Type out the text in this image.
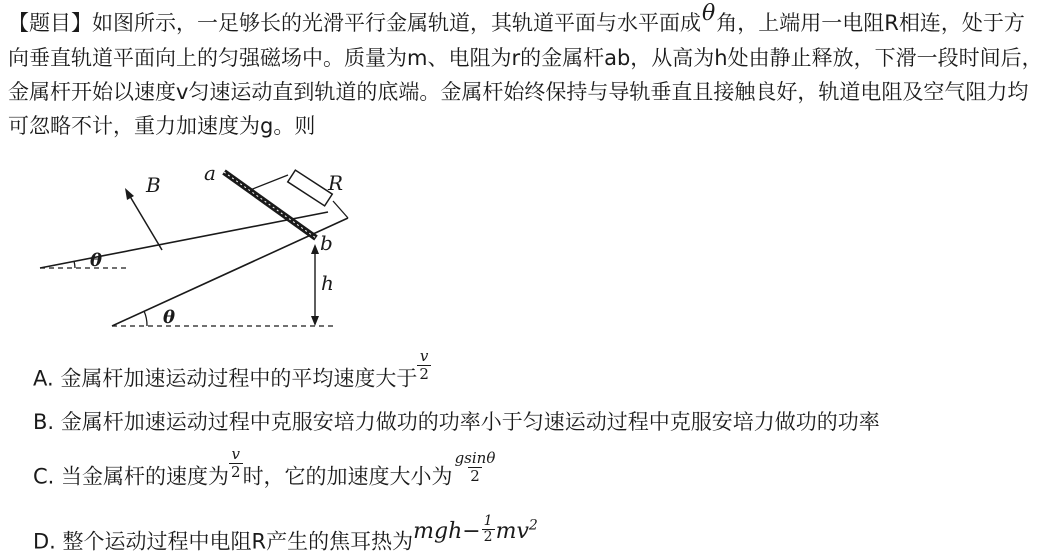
【题目】如图所示，一足够长的光滑平行金属轨道，其轨道平面与水平面成θ角，上端用一电阻R相连，处于方向垂直轨道平面向上的匀强磁场中。质量为m、电阻为r的金属杆ab，从高为h处由静止释放，下滑一段时间后，金属杆开始以速度v匀速运动直到轨道的底端。金属杆始终保持与导轨垂直且接触良好，轨道电阻及空气阻力均可忽略不计，重力加速度为g。则
B a	R
b
h
θ
θ
A. 金属杆加速运动过程中的平均速度大于 $\frac{v}{2}$
B. 金属杆加速运动过程中克服安培力做功的功率小于匀速运动过程中克服安培力做功的功率
C. 当金属杆的速度为 $\frac{v}{2}$ 时，它的加速度大小为 $\frac{gsin\theta}{2}$
D. 整个运动过程中电阻R产生的焦耳热为$mgh- \frac{1}{2} mv^2$
